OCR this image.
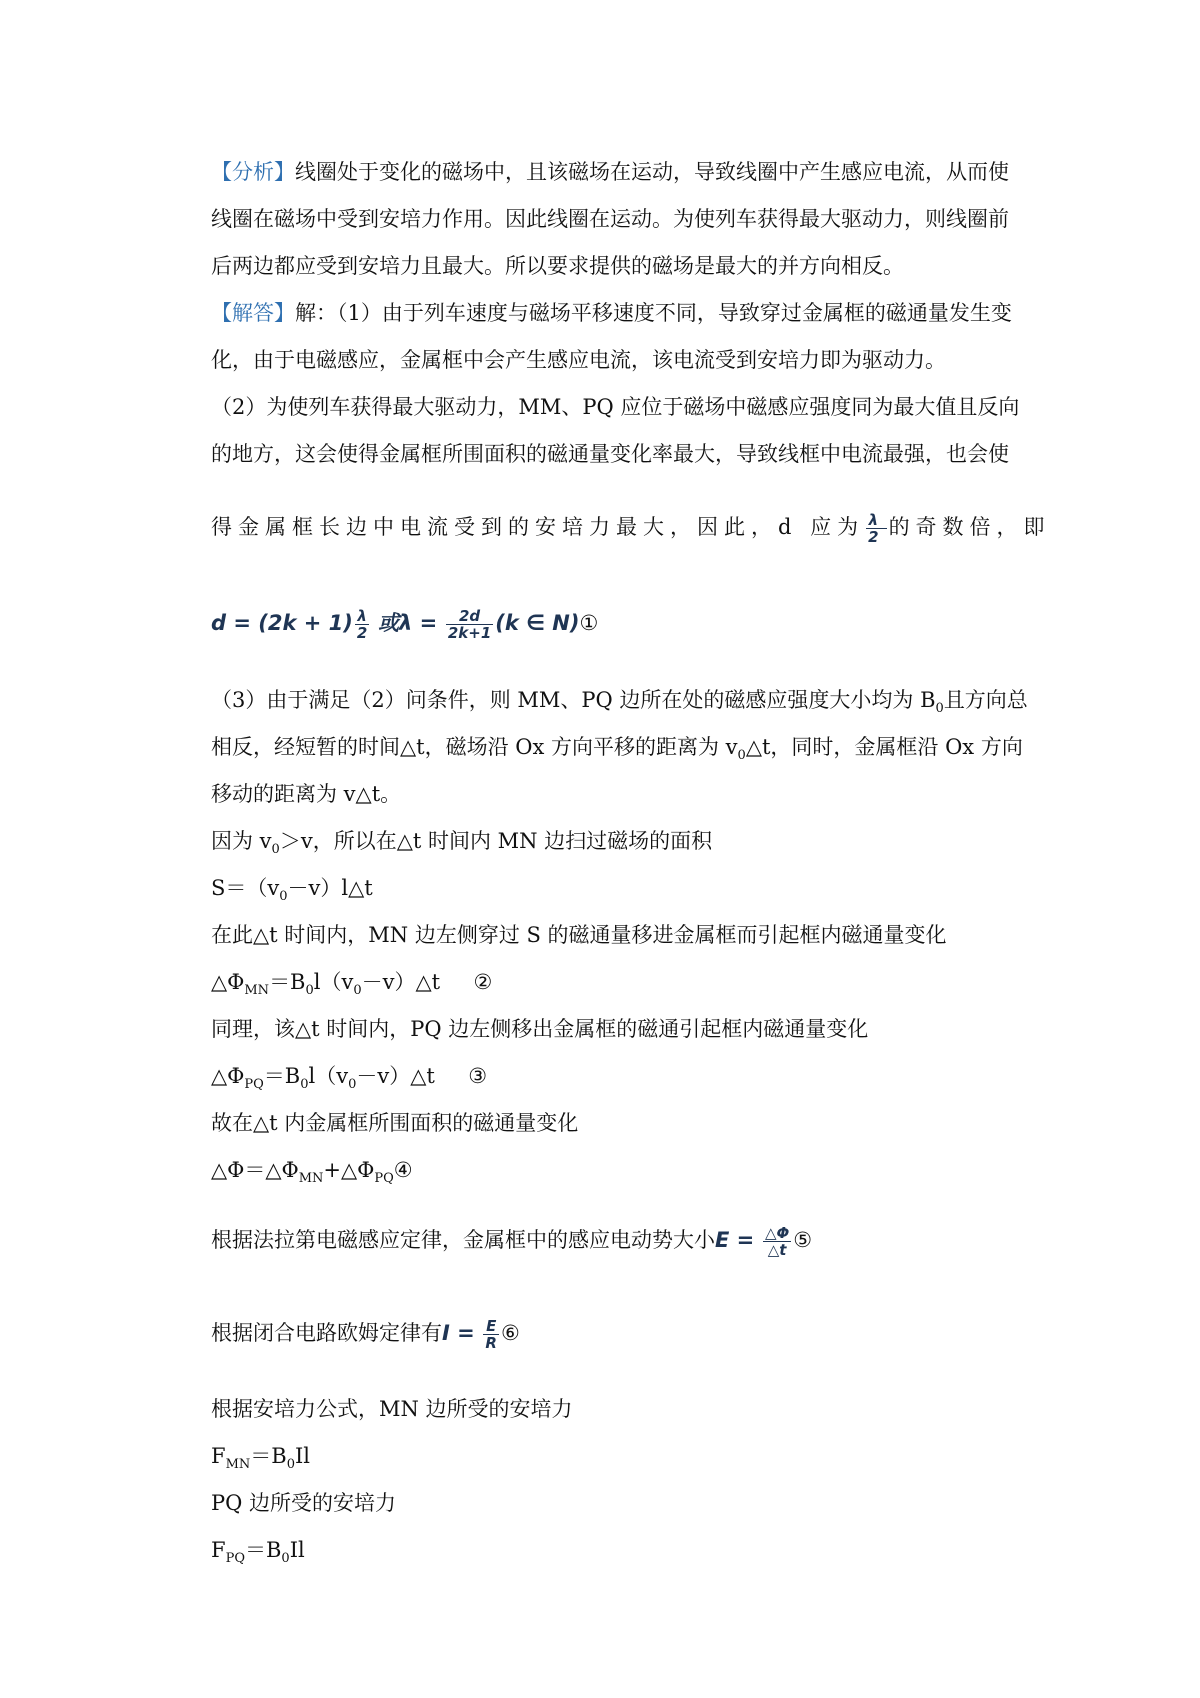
【分析】线圈处于变化的磁场中，且该磁场在运动，导致线圈中产生感应电流，从而使
线圈在磁场中受到安培力作用。因此线圈在运动。为使列车获得最大驱动力，则线圈前
后两边都应受到安培力且最大。所以要求提供的磁场是最大的并方向相反。
【解答】解：（1）由于列车速度与磁场平移速度不同，导致穿过金属框的磁通量发生变
化，由于电磁感应，金属框中会产生感应电流，该电流受到安培力即为驱动力。
（2）为使列车获得最大驱动力，MM、PQ 应位于磁场中磁感应强度同为最大值且反向
的地方，这会使得金属框所围面积的磁通量变化率最大，导致线框中电流最强，也会使
得金属框长边中电流受到的安培力最大，因此，d 应为 $\frac{\lambda}{2}$ 的奇数倍，即
$d = (2k + 1) \frac{\lambda}{2}$ 或$\lambda = \frac{2d}{2k+1} (k$ ∈ N)①
（3）由于满足（2）问条件，则 MM、PQ 边所在处的磁感应强度大小均为 $B_0$且方向总
相反，经短暂的时间△t，磁场沿 Ox 方向平移的距离为 $v_0\triangle t$，同时，金属框沿 Ox 方向
移动的距离为 v△t。
因为 $v_0>v$，所以在△t 时间内 MN 边扫过磁场的面积
$S=(v_0-v)l\triangle t$
在此△t 时间内，MN 边左侧穿过 S 的磁通量移进金属框而引起框内磁通量变化
$\triangle\Phi_{MN}=B_0l(v_0-v)\triangle t$ ②
同理，该△t 时间内，PQ 边左侧移出金属框的磁通引起框内磁通量变化
$\triangle\Phi_{PQ}=B_0l(v_0-v)\triangle t$ ③
故在△t 内金属框所围面积的磁通量变化
$\triangle\Phi=\triangle\Phi_{MN}+\triangle\Phi_{PQ}④$
根据法拉第电磁感应定律，金属框中的感应电动势大小$E = \frac{\triangle\Phi}{\triangle t}$ ⑤
根据闭合电路欧姆定律有$I = \frac{E}{R}$ ⑥
根据安培力公式，MN 边所受的安培力
$F_{MN}=B_0Il$
PQ 边所受的安培力
$F_{PQ}=B_0Il$
